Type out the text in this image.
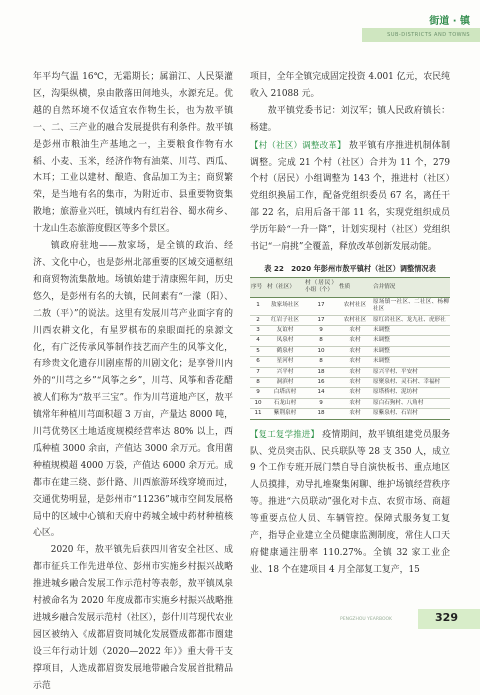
街道 · 镇
SUB-DISTRICTS AND TOWNS

年平均气温 16℃，无霜期长；属湔江、人民渠灌区，沟渠纵横，泉由散落田间地头，水源充足。优越的自然环境不仅适宜农作物生长，也为敖平镇一、二、三产业的融合发展提供有利条件。敖平镇是彭州市粮油生产基地之一，主要粮食作物有水稻、小麦、玉米，经济作物有油菜、川芎、西瓜、木耳；工业以建材、酿造、食品加工为主；商贸繁荣，是当地有名的集市，为附近市、县重要物资集散地；旅游业兴旺，镇域内有红岩谷、蜀水荷乡、十龙山生态旅游度假区等多个景区。

镇政府驻地——敖家场，是全镇的政治、经济、文化中心，也是彭州北部重要的区域交通枢纽和商贸物流集散地。场镇始建于清康熙年间，历史悠久，是彭州有名的大镇，民间素有“一濛（阳）、二敖（平）”的说法。这里有发展川芎产业面字育的川西农耕文化，有星罗棋布的泉眼面托的泉源文化，有广泛传承风筝制作技艺而产生的风筝文化，有珍贵文化遗存川剧座帮的川剧文化；是享誉川内外的“川芎之乡”“风筝之乡”，川芎、风筝和香花醋被人们称为“敖平三宝”。作为川芎道地产区，敖平镇常年种植川芎面积超 3 万亩，产量达 8000 吨，川芎优势区土地适度规模经营率达 80% 以上，西瓜种植 3000 余亩，产值达 3000 余万元。食用菌种植规模超 4000 万袋，产值达 6000 余万元。成都市在建三绕、彭什路、川西旅游环线穿境而过，交通优势明显，是彭州市“11236”城市空间发展格局中的区域中心镇和天府中药城全域中药材种植核心区。

2020 年，敖平镇先后获四川省安全社区、成都市征兵工作先进单位、彭州市实施乡村振兴战略推进城乡融合发展工作示范村等表彰，敖平镇凤泉村被命名为 2020 年度成都市实施乡村振兴战略推进城乡融合发展示范村（社区），彭什川芎现代农业园区被纳入《成都眉资同城化发展暨成都都市圈建设三年行动计划（2020—2022 年）》重大骨干支撑项目，人选成都眉资发展地带融合发展首批精品示范

项目，全年全镇完成固定投资 4.001 亿元，农民纯收入 21088 元。

敖平镇党委书记：刘汉军；镇人民政府镇长：杨建。

【村（社区）调整改革】 敖平镇有序推进机制体制调整。完成 21 个村（社区）合并为 11 个，279 个村（居民）小组调整为 143 个，推进村（社区）党组织换届工作，配备党组织委员 67 名，离任干部 22 名，启用后备干部 11 名，实现党组织成员学历年龄“一升一降”，计划实现村（社区）党组织书记“一肩挑”全覆盖，释放改革创新发展动能。

表 22　2020 年彭州市敖平镇村（社区）调整情况表
序号	村（社区）	村（居民）小组（个）	性质	合并情况
1	敖家场社区	17	农村社区	原场镇一社区、二社区、杨柳社区
2	红岩子社区	17	农村社区	原红岩社区、龙九社、虎形社
3	友谊村	9	农村	未调整
4	凤泉村	8	农村	未调整
5	鹤泉村	10	农村	未调整
6	星河村	8	农村	未调整
7	兴平村	18	农村	原兴平村、平安村
8	洞滨村	16	农村	原聚泉村、灵石村、幸福村
9	白塔店村	14	农村	原塔桥村、泥坊村
10	石龙山村	9	农村	原白石狗村、八角村
11	紫荆泉村	18	农村	原紫泉村、石岩村

【复工复学推进】 疫情期间，敖平镇组建党员服务队、党员突击队、民兵联队等 28 支 350 人，成立 9 个工作专班开展门禁自导自演快板书、重点地区人员摸排，劝导扎堆聚集闲聊、维护场镇经营秩序等。推进“六员联动”强化对卡点、农贸市场、商超等重要点位人员、车辆管控。保障式服务复工复产，指导企业建立全员健康监测制度，常住人口天府健康通注册率 110.27%。全镇 32 家工业企业、18 个在建项目 4 月全部复工复产，15

PENGZHOU YEARBOOK	329
